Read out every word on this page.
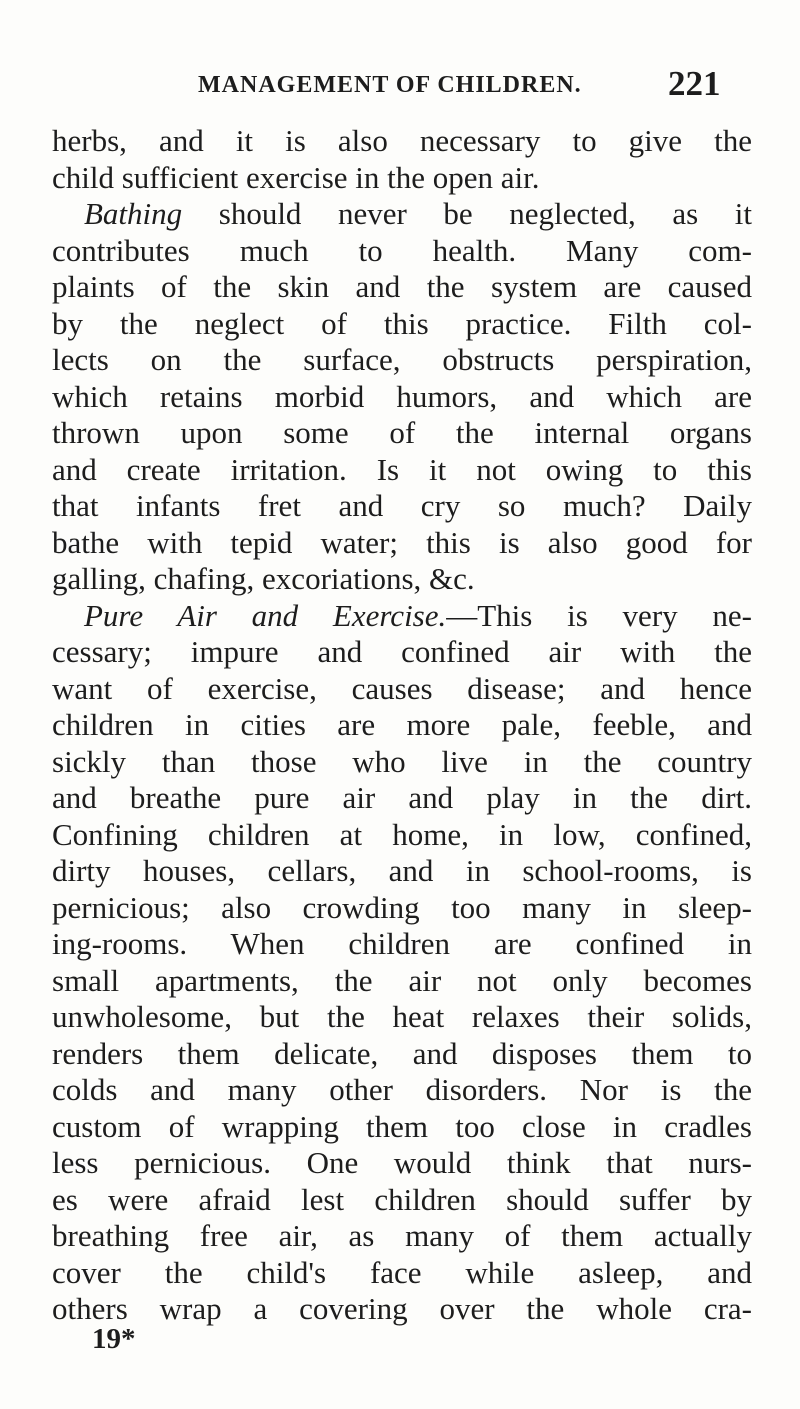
MANAGEMENT OF CHILDREN. 221
herbs, and it is also necessary to give the
child sufficient exercise in the open air.
Bathing should never be neglected, as it
contributes much to health. Many com-
plaints of the skin and the system are caused
by the neglect of this practice. Filth col-
lects on the surface, obstructs perspiration,
which retains morbid humors, and which are
thrown upon some of the internal organs
and create irritation. Is it not owing to this
that infants fret and cry so much? Daily
bathe with tepid water; this is also good for
galling, chafing, excoriations, &c.
Pure Air and Exercise.—This is very ne-
cessary; impure and confined air with the
want of exercise, causes disease; and hence
children in cities are more pale, feeble, and
sickly than those who live in the country
and breathe pure air and play in the dirt.
Confining children at home, in low, confined,
dirty houses, cellars, and in school-rooms, is
pernicious; also crowding too many in sleep-
ing-rooms. When children are confined in
small apartments, the air not only becomes
unwholesome, but the heat relaxes their solids,
renders them delicate, and disposes them to
colds and many other disorders. Nor is the
custom of wrapping them too close in cradles
less pernicious. One would think that nurs-
es were afraid lest children should suffer by
breathing free air, as many of them actually
cover the child's face while asleep, and
others wrap a covering over the whole cra-
19*
